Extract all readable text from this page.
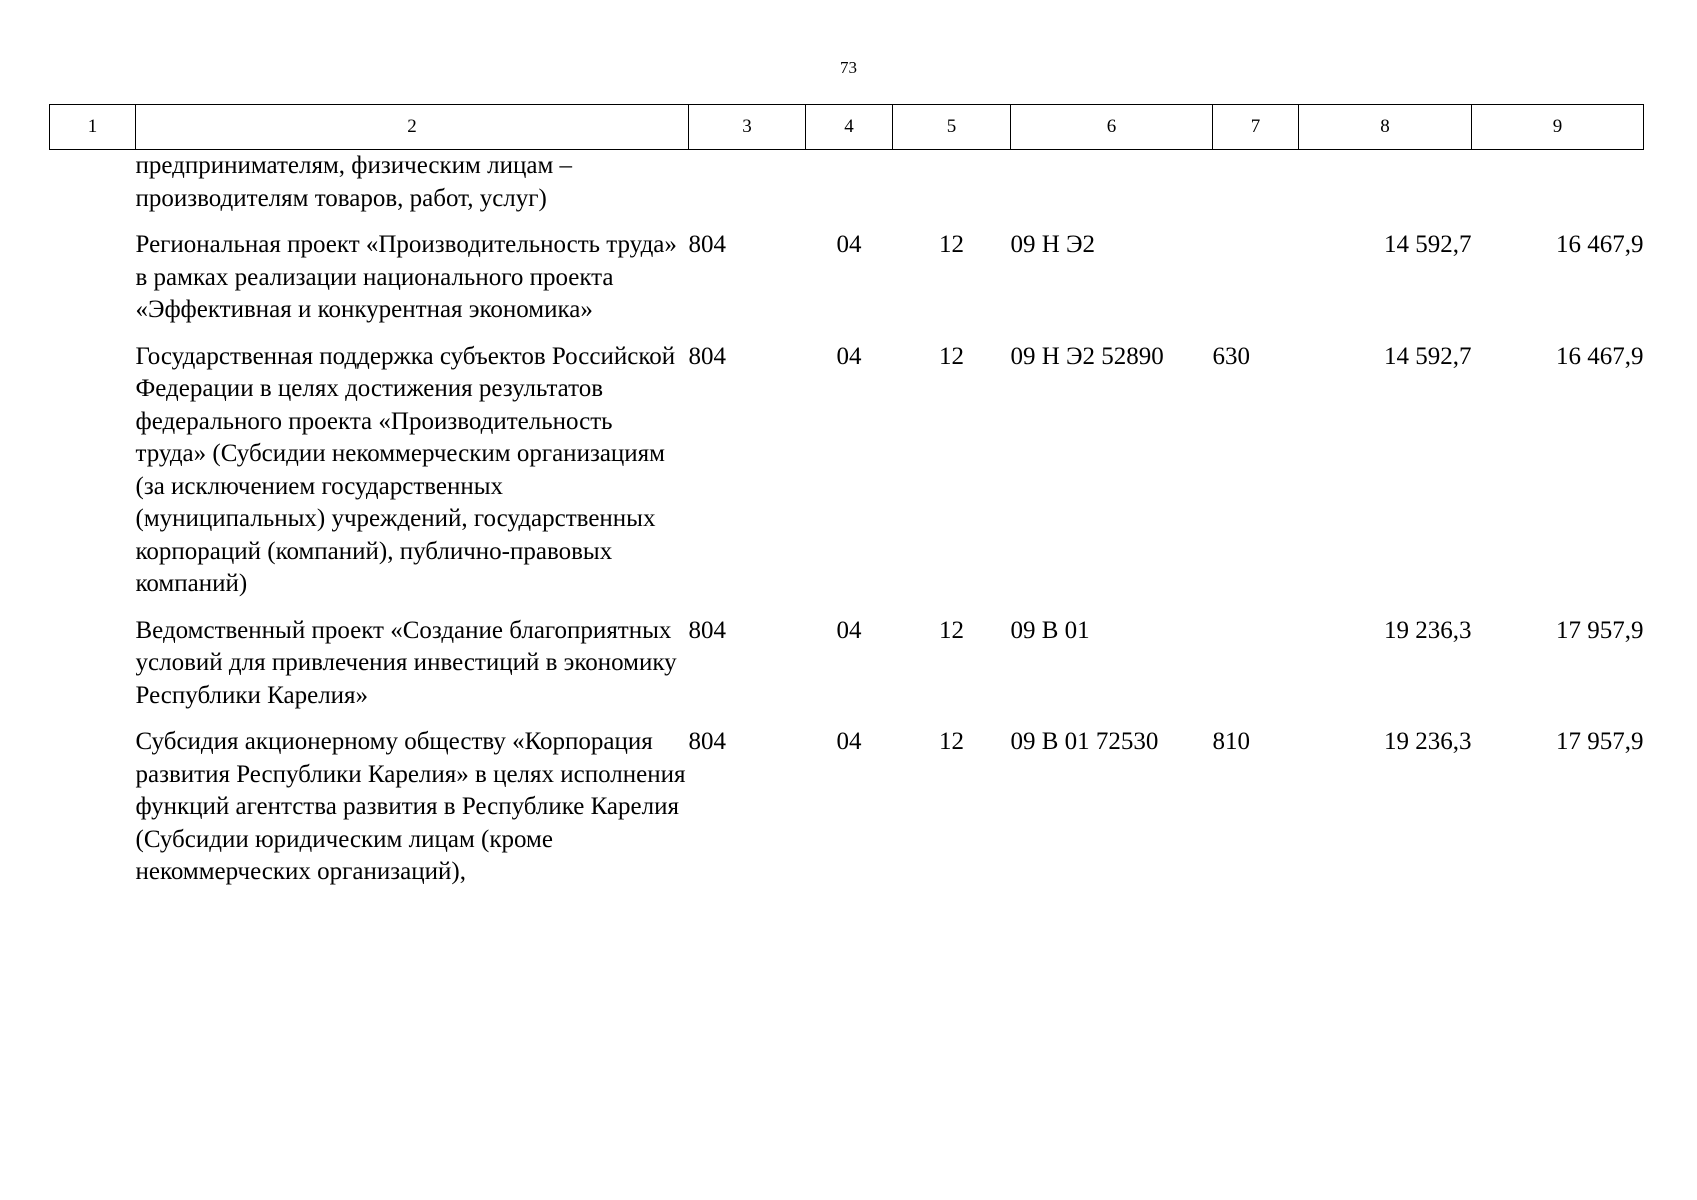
73
1	2	3	4	5	6	7	8	9
	предпринимателям, физическим лицам – производителям товаров, работ, услуг)							

	Региональная проект «Производительность труда» в рамках реализации национального проекта «Эффективная и конкурентная экономика»	804	04	12	09 Н Э2		14 592,7	16 467,9

	Государственная поддержка субъектов Российской Федерации в целях достижения результатов федерального проекта «Производительность труда» (Субсидии некоммерческим организациям (за исключением государственных (муниципальных) учреждений, государственных корпораций (компаний), публично-правовых компаний)	804	04	12	09 Н Э2 52890	630	14 592,7	16 467,9

	Ведомственный проект «Создание благоприятных условий для привлечения инвестиций в экономику Республики Карелия»	804	04	12	09 В 01		19 236,3	17 957,9

	Субсидия акционерному обществу «Корпорация развития Республики Карелия» в целях исполнения функций агентства развития в Республике Карелия (Субсидии юридическим лицам (кроме некоммерческих организаций),	804	04	12	09 В 01 72530	810	19 236,3	17 957,9
